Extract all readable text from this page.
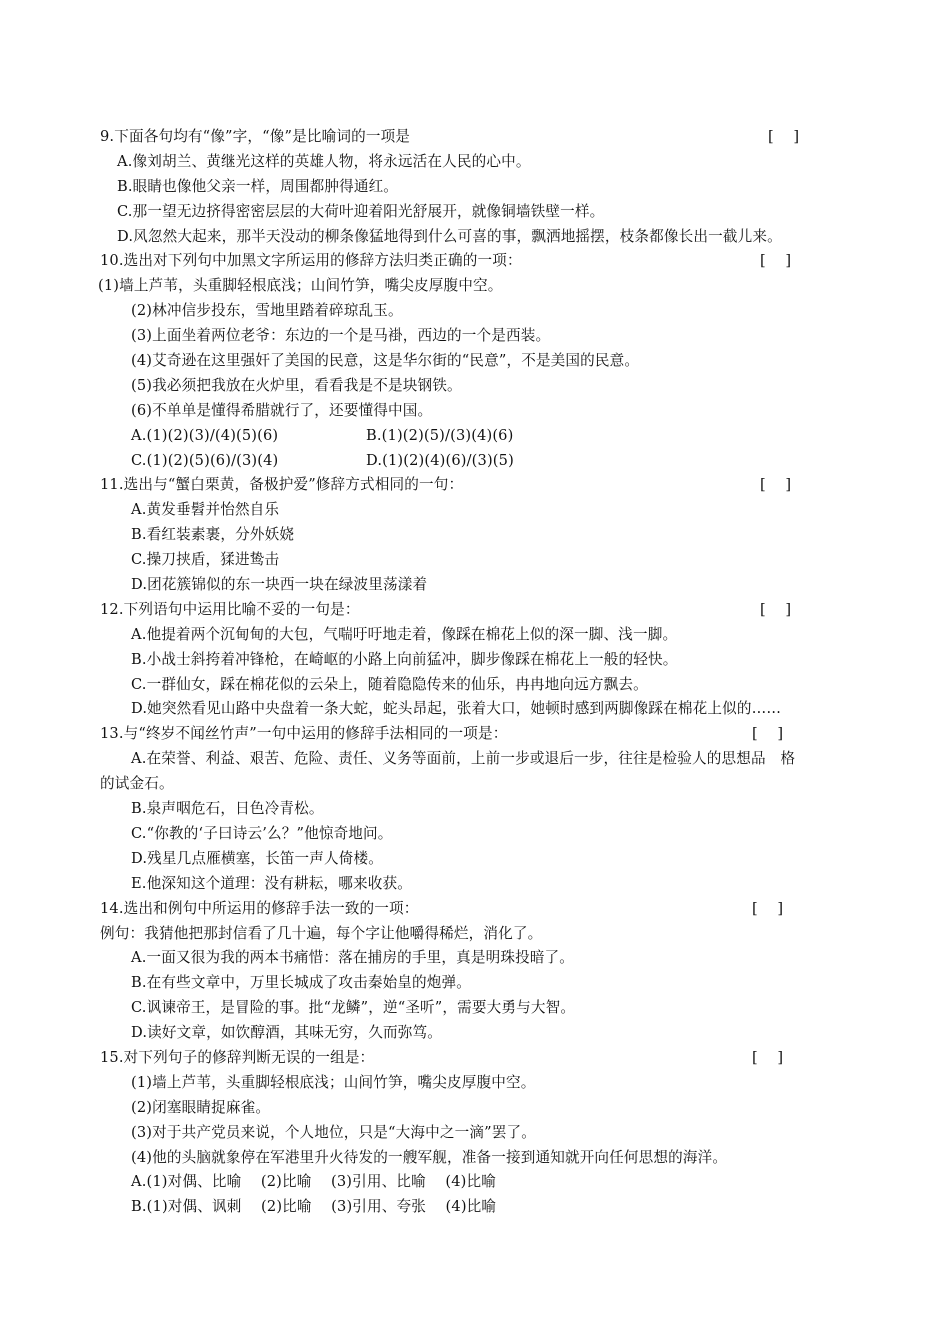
9.下面各句均有“像”字，“像”是比喻词的一项是	[　 ]
A.像刘胡兰、黄继光这样的英雄人物，将永远活在人民的心中。
B.眼睛也像他父亲一样，周围都肿得通红。
C.那一望无边挤得密密层层的大荷叶迎着阳光舒展开，就像铜墙铁壁一样。
D.风忽然大起来，那半天没动的柳条像猛地得到什么可喜的事，飘洒地摇摆，枝条都像长出一截儿来。
10.选出对下列句中加黑文字所运用的修辞方法归类正确的一项：	[　 ]
(1)墙上芦苇，头重脚轻根底浅；山间竹笋，嘴尖皮厚腹中空。
(2)林冲信步投东，雪地里踏着碎琼乱玉。
(3)上面坐着两位老爷：东边的一个是马褂，西边的一个是西装。
(4)艾奇逊在这里强奸了美国的民意，这是华尔街的“民意”，不是美国的民意。
(5)我必须把我放在火炉里，看看我是不是块钢铁。
(6)不单单是懂得希腊就行了，还要懂得中国。
A.(1)(2)(3)/(4)(5)(6)	B.(1)(2)(5)/(3)(4)(6)
C.(1)(2)(5)(6)/(3)(4)	D.(1)(2)(4)(6)/(3)(5)
11.选出与“蟹白栗黄，备极护爱”修辞方式相同的一句：	[　 ]
A.黄发垂髫并怡然自乐
B.看红装素裹，分外妖娆
C.操刀挟盾，猱进鸷击
D.团花簇锦似的东一块西一块在绿波里荡漾着
12.下列语句中运用比喻不妥的一句是：	[　 ]
A.他提着两个沉甸甸的大包，气喘吁吁地走着，像踩在棉花上似的深一脚、浅一脚。
B.小战士斜挎着冲锋枪，在崎岖的小路上向前猛冲，脚步像踩在棉花上一般的轻快。
C.一群仙女，踩在棉花似的云朵上，随着隐隐传来的仙乐，冉冉地向远方飘去。
D.她突然看见山路中央盘着一条大蛇，蛇头昂起，张着大口，她顿时感到两脚像踩在棉花上似的……
13.与“终岁不闻丝竹声”一句中运用的修辞手法相同的一项是：	[　 ]
A.在荣誉、利益、艰苦、危险、责任、义务等面前，上前一步或退后一步，往往是检验人的思想品　格
的试金石。
B.泉声咽危石，日色冷青松。
C.“你教的‘子曰诗云’么？”他惊奇地问。
D.残星几点雁横塞，长笛一声人倚楼。
E.他深知这个道理：没有耕耘，哪来收获。
14.选出和例句中所运用的修辞手法一致的一项：	[　 ]
例句：我猜他把那封信看了几十遍，每个字让他嚼得稀烂，消化了。
A.一面又很为我的两本书痛惜：落在捕房的手里，真是明珠投暗了。
B.在有些文章中，万里长城成了攻击秦始皇的炮弹。
C.讽谏帝王，是冒险的事。批“龙鳞”，逆“圣听”，需要大勇与大智。
D.读好文章，如饮醇酒，其味无穷，久而弥笃。
15.对下列句子的修辞判断无误的一组是：	[　 ]
(1)墙上芦苇，头重脚轻根底浅；山间竹笋，嘴尖皮厚腹中空。
(2)闭塞眼睛捉麻雀。
(3)对于共产党员来说，个人地位，只是“大海中之一滴”罢了。
(4)他的头脑就象停在军港里升火待发的一艘军舰，准备一接到通知就开向任何思想的海洋。
A.(1)对偶、比喻　 (2)比喻　 (3)引用、比喻　 (4)比喻
B.(1)对偶、讽刺　 (2)比喻　 (3)引用、夸张　 (4)比喻
